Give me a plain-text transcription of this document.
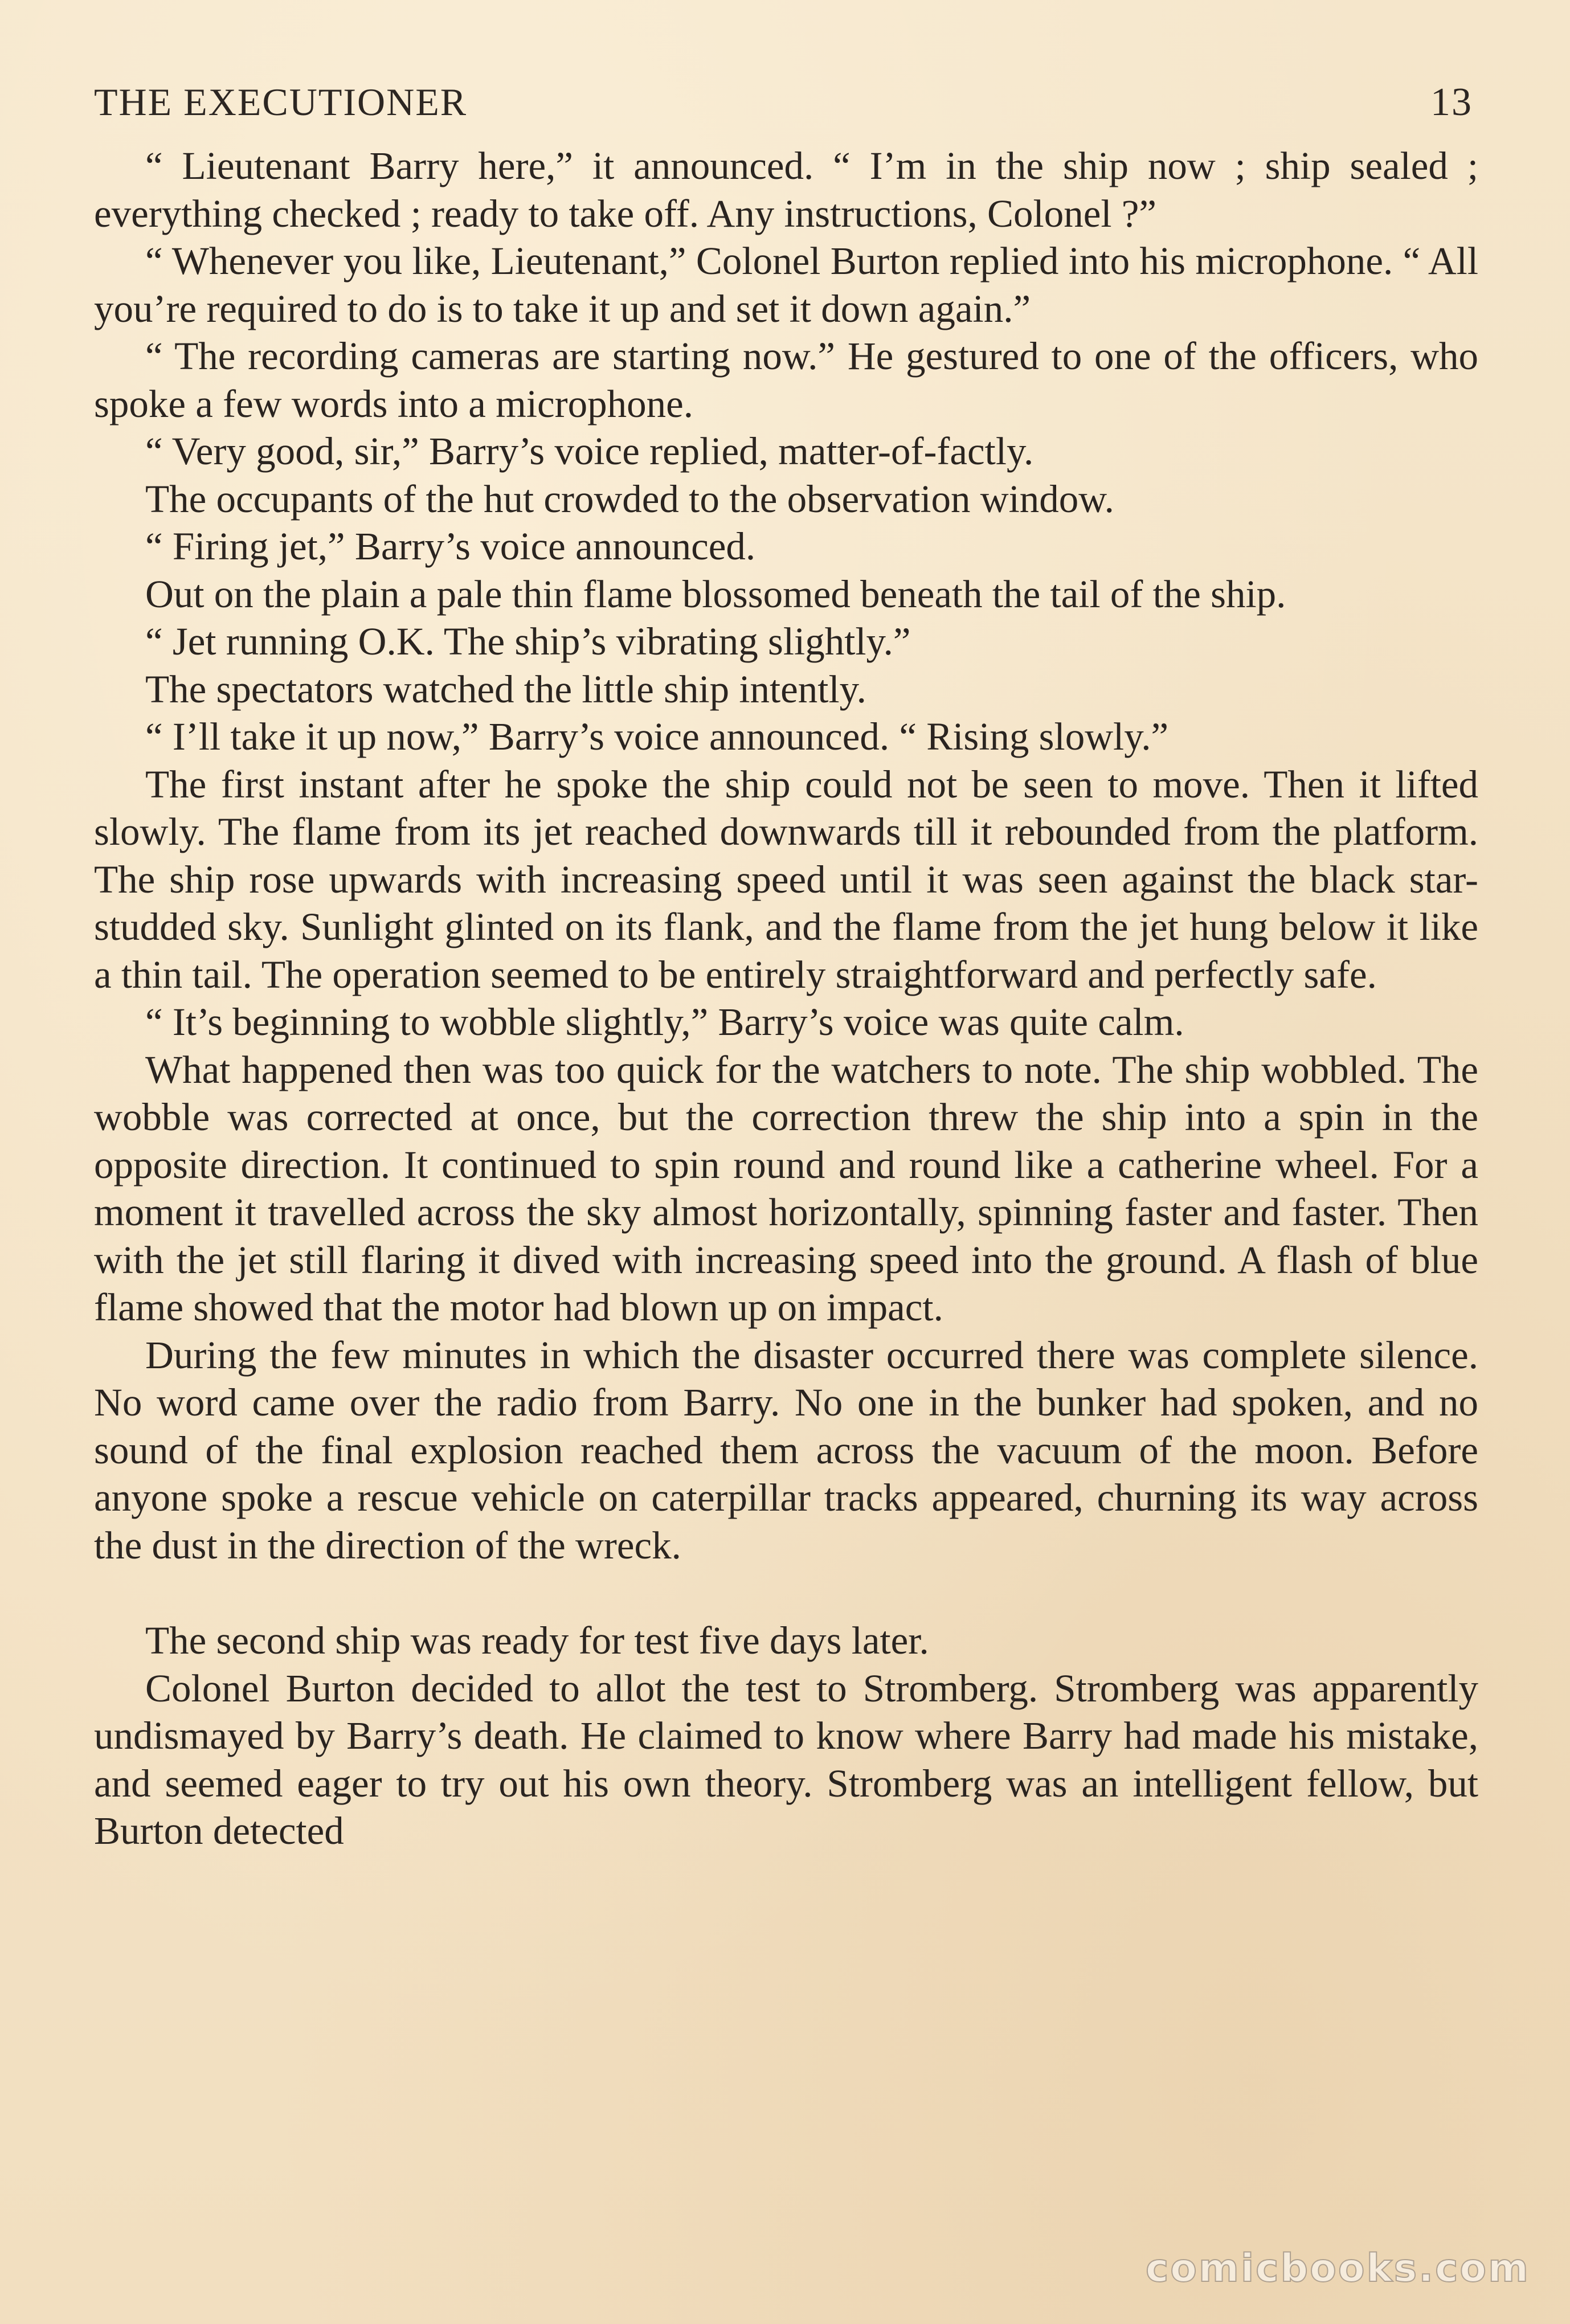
THE EXECUTIONER	13

“ Lieutenant Barry here,” it announced. “ I’m in the ship now ; ship sealed ; everything checked ; ready to take off. Any instructions, Colonel ?”

“ Whenever you like, Lieutenant,” Colonel Burton replied into his microphone. “ All you’re required to do is to take it up and set it down again.”

“ The recording cameras are starting now.” He gestured to one of the officers, who spoke a few words into a microphone.

“ Very good, sir,” Barry’s voice replied, matter-of-factly.

The occupants of the hut crowded to the observation window.

“ Firing jet,” Barry’s voice announced.

Out on the plain a pale thin flame blossomed beneath the tail of the ship.

“ Jet running O.K. The ship’s vibrating slightly.”

The spectators watched the little ship intently.

“ I’ll take it up now,” Barry’s voice announced. “ Rising slowly.”

The first instant after he spoke the ship could not be seen to move. Then it lifted slowly. The flame from its jet reached downwards till it rebounded from the platform. The ship rose upwards with increasing speed until it was seen against the black star-studded sky. Sunlight glinted on its flank, and the flame from the jet hung below it like a thin tail. The operation seemed to be entirely straightforward and perfectly safe.

“ It’s beginning to wobble slightly,” Barry’s voice was quite calm.

What happened then was too quick for the watchers to note. The ship wobbled. The wobble was corrected at once, but the correction threw the ship into a spin in the opposite direction. It continued to spin round and round like a catherine wheel. For a moment it travelled across the sky almost horizontally, spinning faster and faster. Then with the jet still flaring it dived with increasing speed into the ground. A flash of blue flame showed that the motor had blown up on impact.

During the few minutes in which the disaster occurred there was complete silence. No word came over the radio from Barry. No one in the bunker had spoken, and no sound of the final explosion reached them across the vacuum of the moon. Before anyone spoke a rescue vehicle on caterpillar tracks appeared, churning its way across the dust in the direction of the wreck.

The second ship was ready for test five days later.

Colonel Burton decided to allot the test to Stromberg. Stromberg was apparently undismayed by Barry’s death. He claimed to know where Barry had made his mistake, and seemed eager to try out his own theory. Stromberg was an intelligent fellow, but Burton detected

comicbooks.com
